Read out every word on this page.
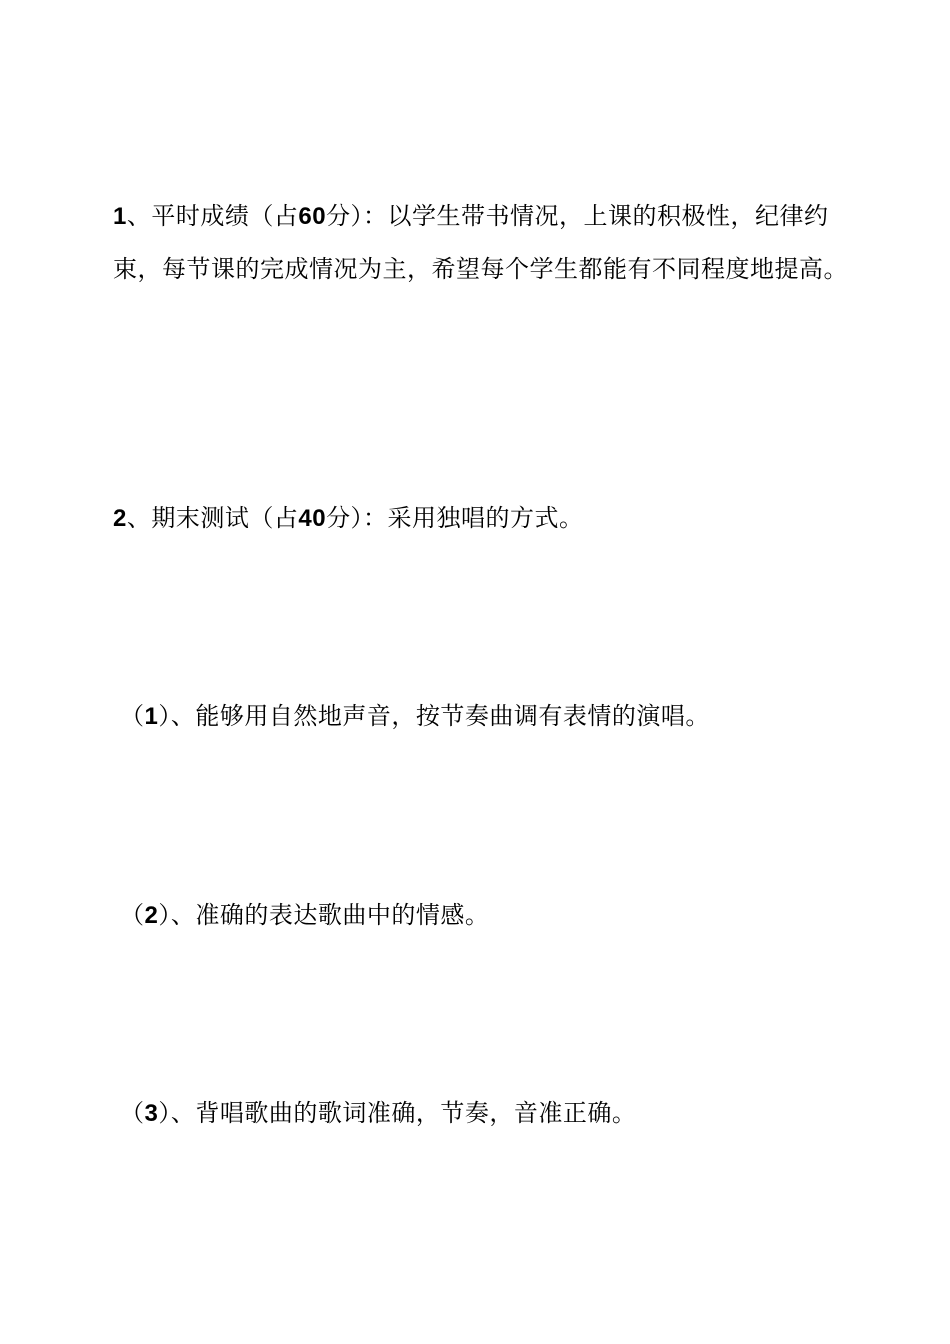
1、平时成绩（占60分）：以学生带书情况，上课的积极性，纪律约束，每节课的完成情况为主，希望每个学生都能有不同程度地提高。

2、期末测试（占40分）：采用独唱的方式。

（1）、能够用自然地声音，按节奏曲调有表情的演唱。

（2）、准确的表达歌曲中的情感。

（3）、背唱歌曲的歌词准确，节奏，音准正确。
